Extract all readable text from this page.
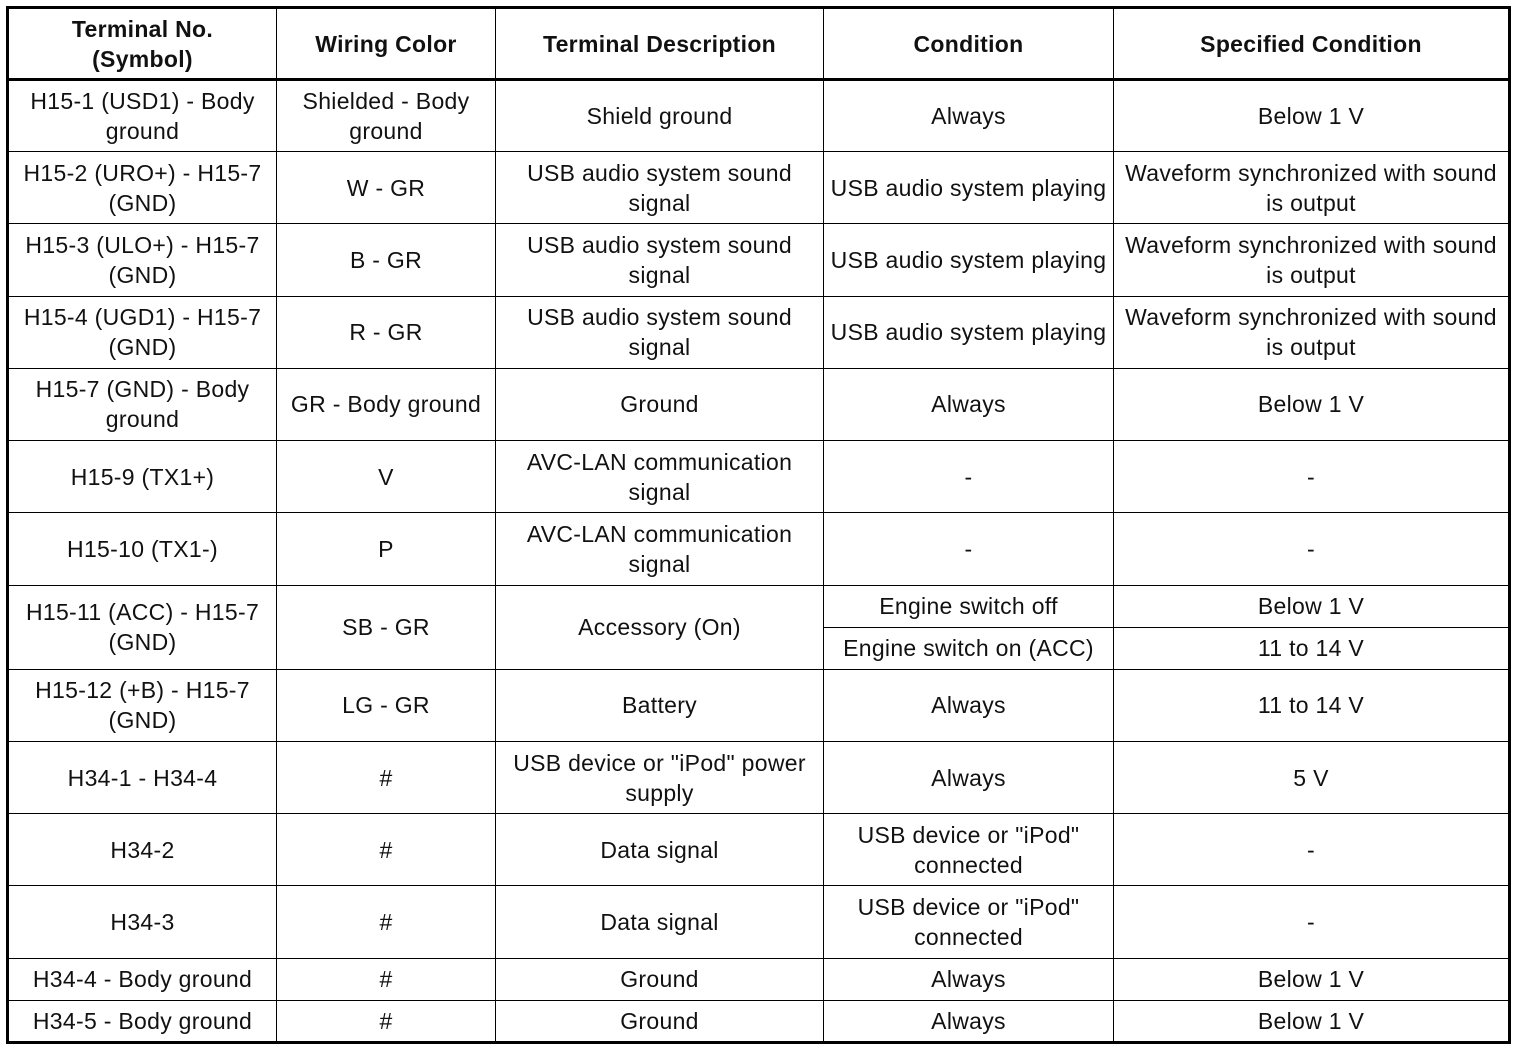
Terminal No.
(Symbol)	Wiring Color	Terminal Description	Condition	Specified Condition
H15-1 (USD1) - Body ground	Shielded - Body ground	Shield ground	Always	Below 1 V
H15-2 (URO+) - H15-7 (GND)	W - GR	USB audio system sound signal	USB audio system playing	Waveform synchronized with sound is output
H15-3 (ULO+) - H15-7 (GND)	B - GR	USB audio system sound signal	USB audio system playing	Waveform synchronized with sound is output
H15-4 (UGD1) - H15-7 (GND)	R - GR	USB audio system sound signal	USB audio system playing	Waveform synchronized with sound is output
H15-7 (GND) - Body ground	GR - Body ground	Ground	Always	Below 1 V
H15-9 (TX1+)	V	AVC-LAN communication signal	-	-
H15-10 (TX1-)	P	AVC-LAN communication signal	-	-
H15-11 (ACC) - H15-7 (GND)	SB - GR	Accessory (On)	Engine switch off	Below 1 V
			Engine switch on (ACC)	11 to 14 V
H15-12 (+B) - H15-7 (GND)	LG - GR	Battery	Always	11 to 14 V
H34-1 - H34-4	#	USB device or "iPod" power supply	Always	5 V
H34-2	#	Data signal	USB device or "iPod" connected	-
H34-3	#	Data signal	USB device or "iPod" connected	-
H34-4 - Body ground	#	Ground	Always	Below 1 V
H34-5 - Body ground	#	Ground	Always	Below 1 V
